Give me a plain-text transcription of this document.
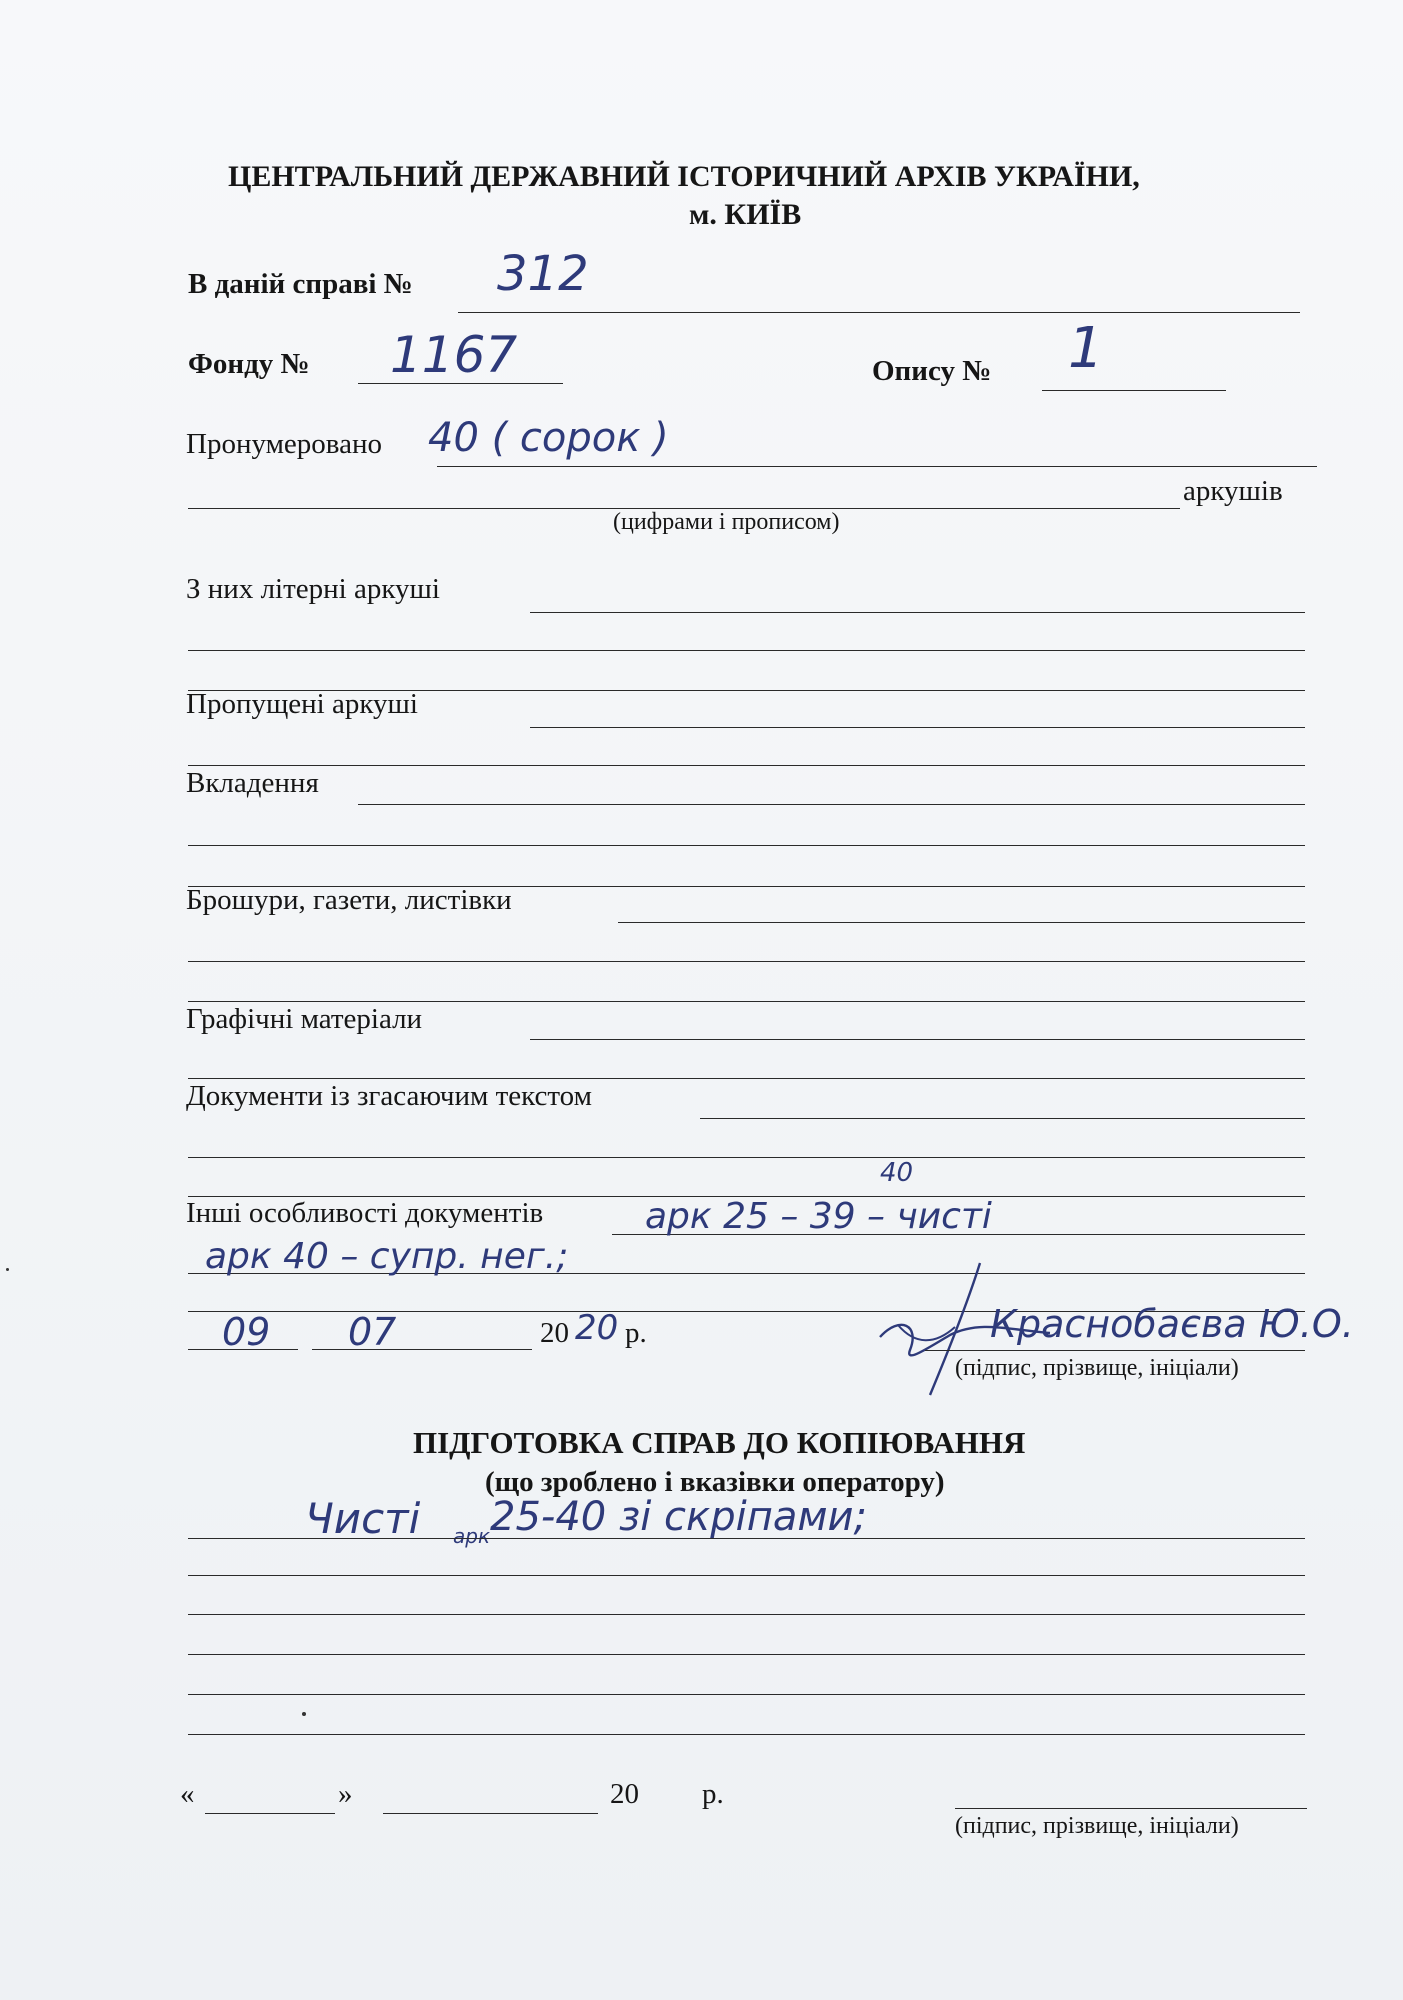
ЦЕНТРАЛЬНИЙ ДЕРЖАВНИЙ ІСТОРИЧНИЙ АРХІВ УКРАЇНИ,
м. КИЇВ
В даній справі № 312
Фонду № 1167	Опису № 1
Пронумеровано 40 ( сорок )
аркушів
(цифрами і прописом)
З них літерні аркуші
Пропущені аркуші
Вкладення
Брошури, газети, листівки
Графічні матеріали
Документи із згасаючим текстом
40
Інші особливості документів	арк 25 – 39 – чисті
арк 40 – супр. нег.;
09 07	20 20 р.	Краснобаєва Ю.О.
(підпис, прізвище, ініціали)
ПІДГОТОВКА СПРАВ ДО КОПІЮВАННЯ
(що зроблено і вказівки оператору)
Чисті арк 25-40 зі скріпами;
«	»	20 р.
(підпис, прізвище, ініціали)
